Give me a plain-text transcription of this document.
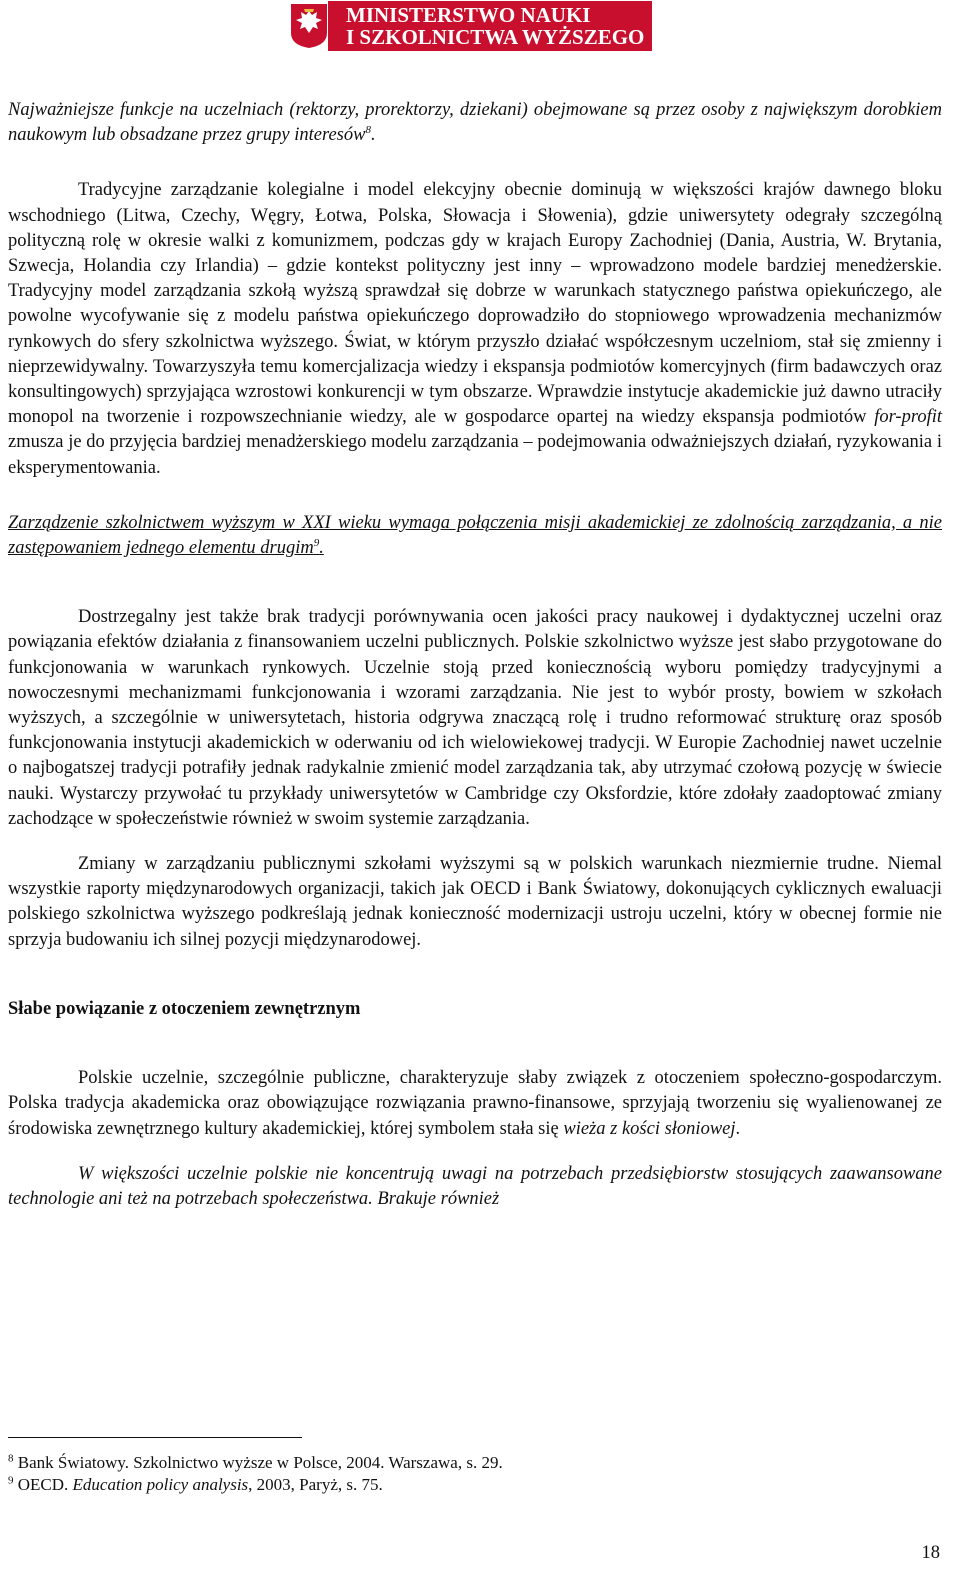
MINISTERSTWO NAUKI
I SZKOLNICTWA WYŻSZEGO

Najważniejsze funkcje na uczelniach (rektorzy, prorektorzy, dziekani) obejmowane są przez osoby z największym dorobkiem naukowym lub obsadzane przez grupy interesów$^8$.

Tradycyjne zarządzanie kolegialne i model elekcyjny obecnie dominują w większości krajów dawnego bloku wschodniego (Litwa, Czechy, Węgry, Łotwa, Polska, Słowacja i Słowenia), gdzie uniwersytety odegrały szczególną polityczną rolę w okresie walki z komunizmem, podczas gdy w krajach Europy Zachodniej (Dania, Austria, W. Brytania, Szwecja, Holandia czy Irlandia) – gdzie kontekst polityczny jest inny – wprowadzono modele bardziej menedżerskie. Tradycyjny model zarządzania szkołą wyższą sprawdzał się dobrze w warunkach statycznego państwa opiekuńczego, ale powolne wycofywanie się z modelu państwa opiekuńczego doprowadziło do stopniowego wprowadzenia mechanizmów rynkowych do sfery szkolnictwa wyższego. Świat, w którym przyszło działać współczesnym uczelniom, stał się zmienny i nieprzewidywalny. Towarzyszyła temu komercjalizacja wiedzy i ekspansja podmiotów komercyjnych (firm badawczych oraz konsultingowych) sprzyjająca wzrostowi konkurencji w tym obszarze. Wprawdzie instytucje akademickie już dawno utraciły monopol na tworzenie i rozpowszechnianie wiedzy, ale w gospodarce opartej na wiedzy ekspansja podmiotów for-profit zmusza je do przyjęcia bardziej menadżerskiego modelu zarządzania – podejmowania odważniejszych działań, ryzykowania i eksperymentowania.

Zarządzenie szkolnictwem wyższym w XXI wieku wymaga połączenia misji akademickiej ze zdolnością zarządzania, a nie zastępowaniem jednego elementu drugim$^9$.

Dostrzegalny jest także brak tradycji porównywania ocen jakości pracy naukowej i dydaktycznej uczelni oraz powiązania efektów działania z finansowaniem uczelni publicznych. Polskie szkolnictwo wyższe jest słabo przygotowane do funkcjonowania w warunkach rynkowych. Uczelnie stoją przed koniecznością wyboru pomiędzy tradycyjnymi a nowoczesnymi mechanizmami funkcjonowania i wzorami zarządzania. Nie jest to wybór prosty, bowiem w szkołach wyższych, a szczególnie w uniwersytetach, historia odgrywa znaczącą rolę i trudno reformować strukturę oraz sposób funkcjonowania instytucji akademickich w oderwaniu od ich wielowiekowej tradycji. W Europie Zachodniej nawet uczelnie o najbogatszej tradycji potrafiły jednak radykalnie zmienić model zarządzania tak, aby utrzymać czołową pozycję w świecie nauki. Wystarczy przywołać tu przykłady uniwersytetów w Cambridge czy Oksfordzie, które zdołały zaadoptować zmiany zachodzące w społeczeństwie również w swoim systemie zarządzania.

Zmiany w zarządzaniu publicznymi szkołami wyższymi są w polskich warunkach niezmiernie trudne. Niemal wszystkie raporty międzynarodowych organizacji, takich jak OECD i Bank Światowy, dokonujących cyklicznych ewaluacji polskiego szkolnictwa wyższego podkreślają jednak konieczność modernizacji ustroju uczelni, który w obecnej formie nie sprzyja budowaniu ich silnej pozycji międzynarodowej.

Słabe powiązanie z otoczeniem zewnętrznym

Polskie uczelnie, szczególnie publiczne, charakteryzuje słaby związek z otoczeniem społeczno-gospodarczym. Polska tradycja akademicka oraz obowiązujące rozwiązania prawno-finansowe, sprzyjają tworzeniu się wyalienowanej ze środowiska zewnętrznego kultury akademickiej, której symbolem stała się wieża z kości słoniowej.

W większości uczelnie polskie nie koncentrują uwagi na potrzebach przedsiębiorstw stosujących zaawansowane technologie ani też na potrzebach społeczeństwa. Brakuje również

$^8$ Bank Światowy. Szkolnictwo wyższe w Polsce, 2004. Warszawa, s. 29.
$^9$ OECD. Education policy analysis, 2003, Paryż, s. 75.
18
